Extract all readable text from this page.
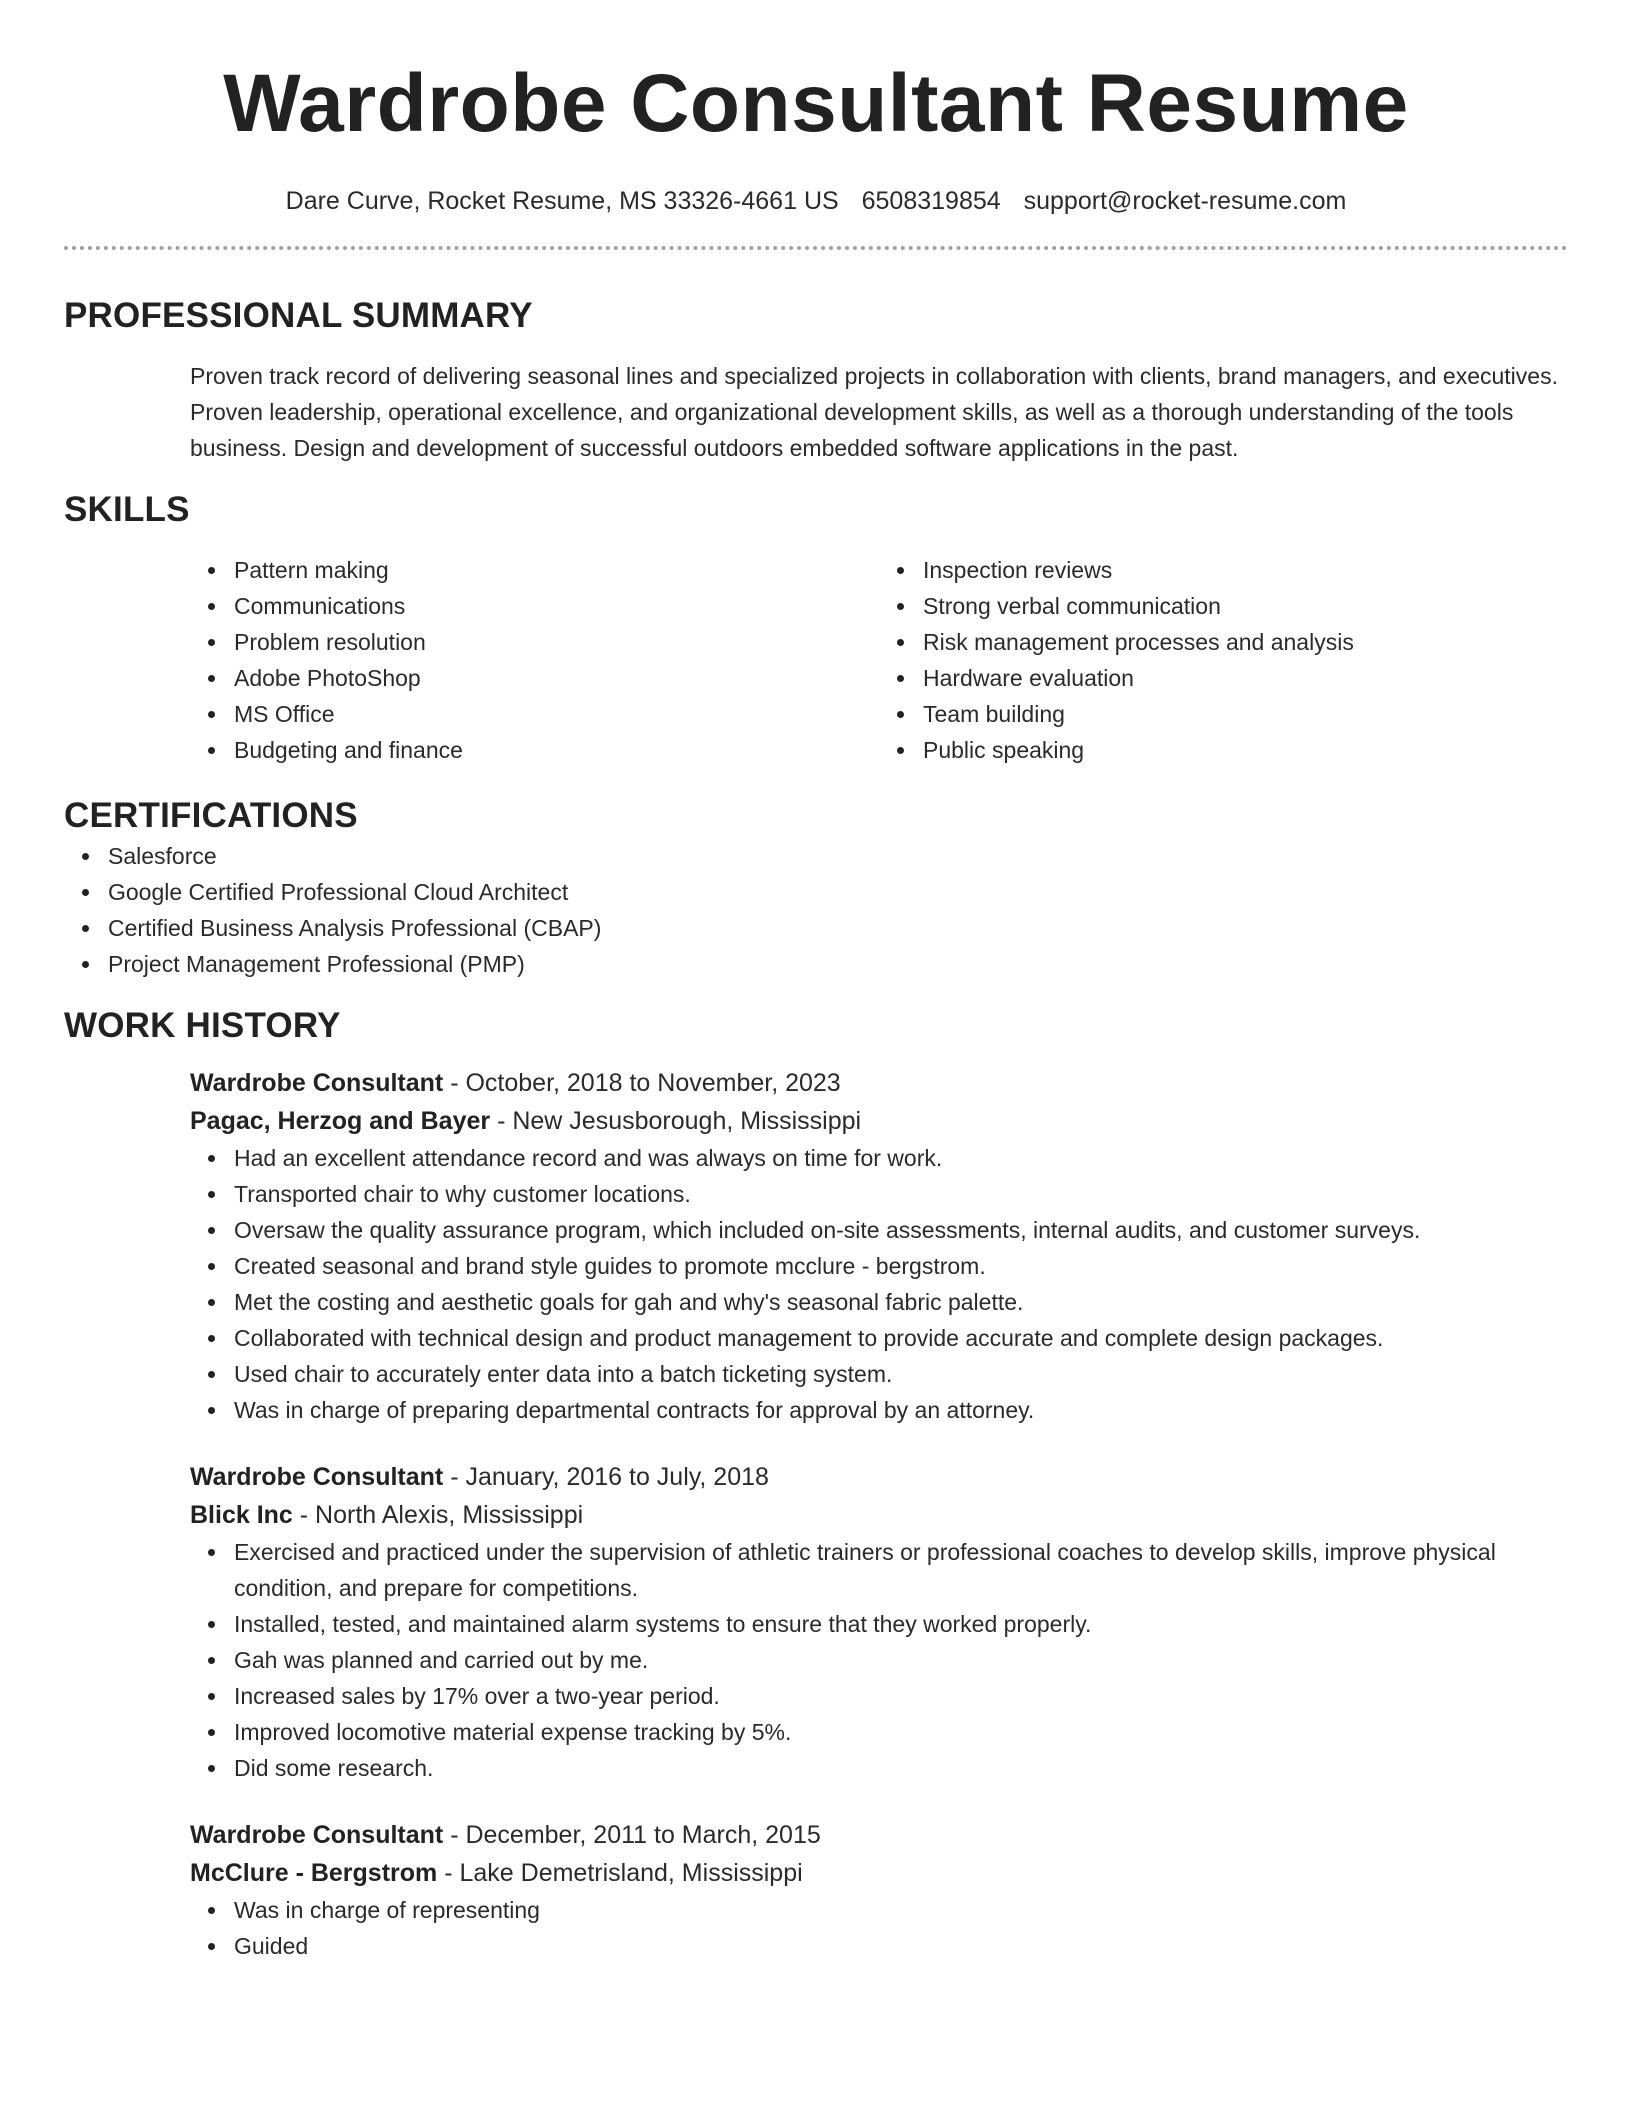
Wardrobe Consultant Resume
Dare Curve, Rocket Resume, MS 33326-4661 US 6508319854 support@rocket-resume.com
PROFESSIONAL SUMMARY
Proven track record of delivering seasonal lines and specialized projects in collaboration with clients, brand managers, and executives. Proven leadership, operational excellence, and organizational development skills, as well as a thorough understanding of the tools business. Design and development of successful outdoors embedded software applications in the past.
SKILLS
Pattern making
Communications
Problem resolution
Adobe PhotoShop
MS Office
Budgeting and finance
Inspection reviews
Strong verbal communication
Risk management processes and analysis
Hardware evaluation
Team building
Public speaking
CERTIFICATIONS
Salesforce
Google Certified Professional Cloud Architect
Certified Business Analysis Professional (CBAP)
Project Management Professional (PMP)
WORK HISTORY
Wardrobe Consultant - October, 2018 to November, 2023
Pagac, Herzog and Bayer - New Jesusborough, Mississippi
Had an excellent attendance record and was always on time for work.
Transported chair to why customer locations.
Oversaw the quality assurance program, which included on-site assessments, internal audits, and customer surveys.
Created seasonal and brand style guides to promote mcclure - bergstrom.
Met the costing and aesthetic goals for gah and why's seasonal fabric palette.
Collaborated with technical design and product management to provide accurate and complete design packages.
Used chair to accurately enter data into a batch ticketing system.
Was in charge of preparing departmental contracts for approval by an attorney.
Wardrobe Consultant - January, 2016 to July, 2018
Blick Inc - North Alexis, Mississippi
Exercised and practiced under the supervision of athletic trainers or professional coaches to develop skills, improve physical condition, and prepare for competitions.
Installed, tested, and maintained alarm systems to ensure that they worked properly.
Gah was planned and carried out by me.
Increased sales by 17% over a two-year period.
Improved locomotive material expense tracking by 5%.
Did some research.
Wardrobe Consultant - December, 2011 to March, 2015
McClure - Bergstrom - Lake Demetrisland, Mississippi
Was in charge of representing
Guided
